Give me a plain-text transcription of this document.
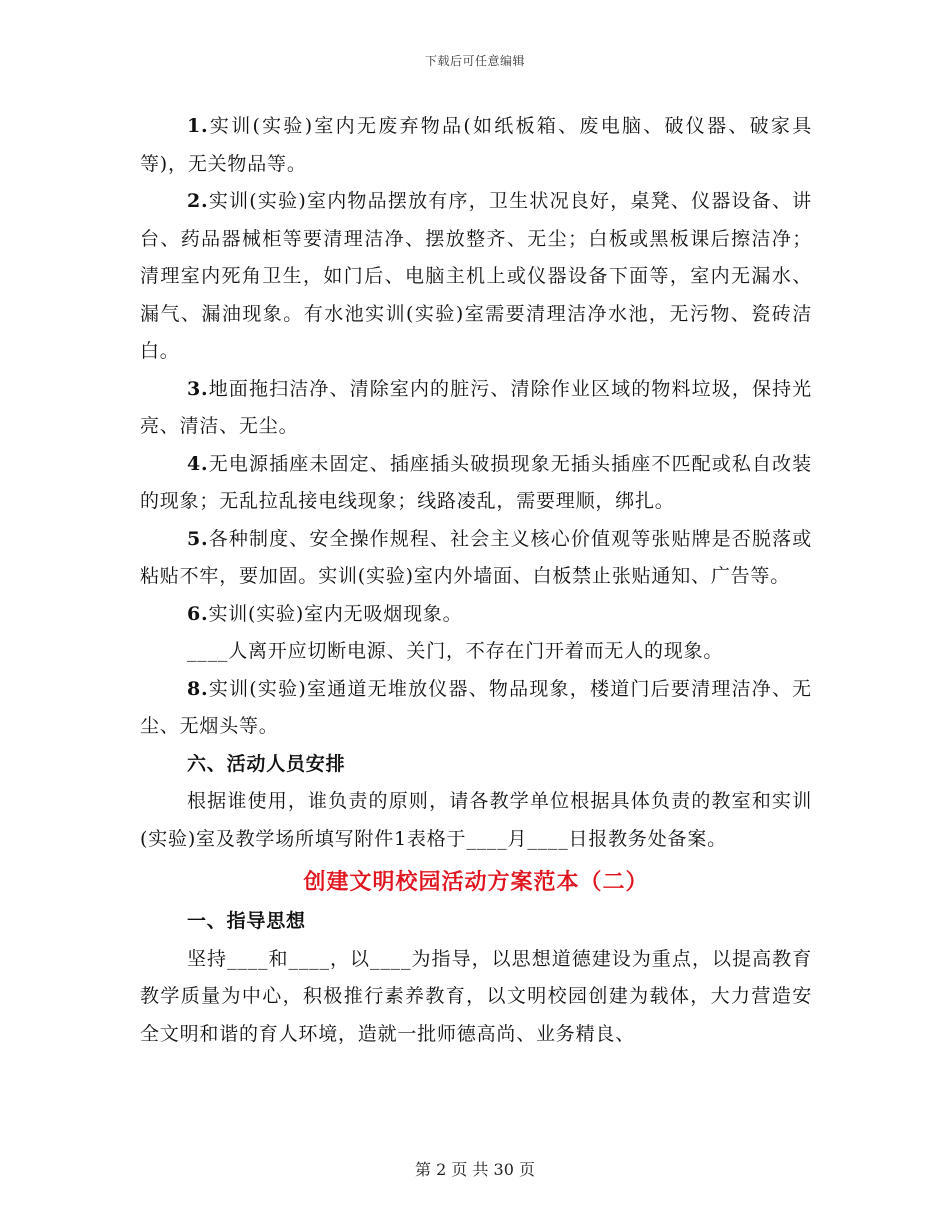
下载后可任意编辑

1.实训(实验)室内无废弃物品(如纸板箱、废电脑、破仪器、破家具等)，无关物品等。

2.实训(实验)室内物品摆放有序，卫生状况良好，桌凳、仪器设备、讲台、药品器械柜等要清理洁净、摆放整齐、无尘；白板或黑板课后擦洁净；清理室内死角卫生，如门后、电脑主机上或仪器设备下面等，室内无漏水、漏气、漏油现象。有水池实训(实验)室需要清理洁净水池，无污物、瓷砖洁白。

3.地面拖扫洁净、清除室内的脏污、清除作业区域的物料垃圾，保持光亮、清洁、无尘。

4.无电源插座未固定、插座插头破损现象无插头插座不匹配或私自改装的现象；无乱拉乱接电线现象；线路凌乱，需要理顺，绑扎。

5.各种制度、安全操作规程、社会主义核心价值观等张贴牌是否脱落或粘贴不牢，要加固。实训(实验)室内外墙面、白板禁止张贴通知、广告等。

6.实训(实验)室内无吸烟现象。

____人离开应切断电源、关门，不存在门开着而无人的现象。

8.实训(实验)室通道无堆放仪器、物品现象，楼道门后要清理洁净、无尘、无烟头等。

六、活动人员安排

根据谁使用，谁负责的原则，请各教学单位根据具体负责的教室和实训(实验)室及教学场所填写附件1表格于____月____日报教务处备案。

创建文明校园活动方案范本（二）

一、指导思想

坚持____和____，以____为指导，以思想道德建设为重点，以提高教育教学质量为中心，积极推行素养教育，以文明校园创建为载体，大力营造安全文明和谐的育人环境，造就一批师德高尚、业务精良、

第 2 页 共 30 页
